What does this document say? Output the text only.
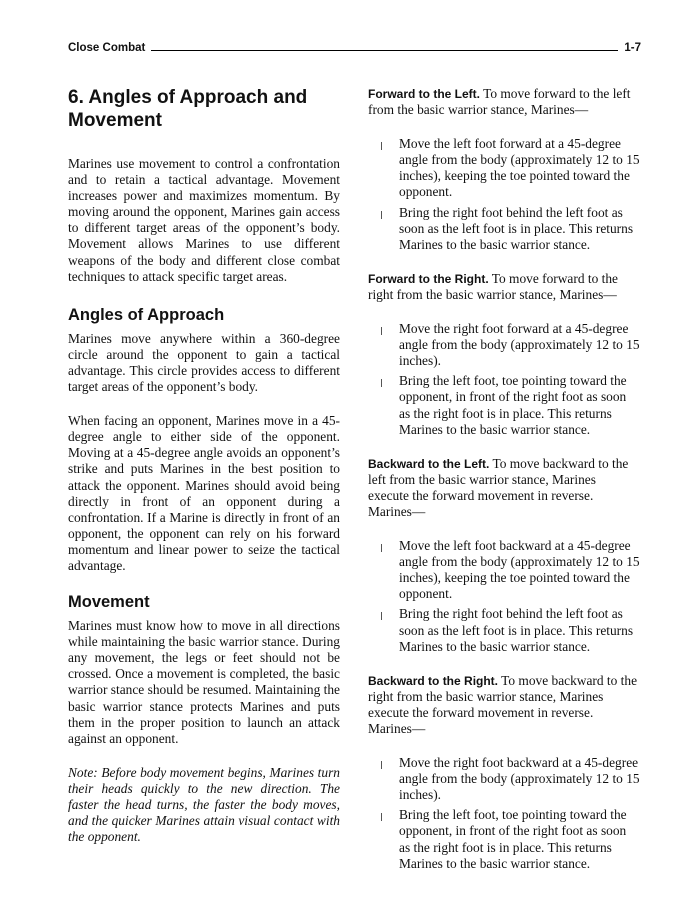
Close Combat	1-7
6. Angles of Approach and
Movement

Marines use movement to control a confrontation and to retain a tactical advantage. Movement increases power and maximizes momentum. By moving around the opponent, Marines gain access to different target areas of the opponent’s body. Movement allows Marines to use different weapons of the body and different close combat techniques to attack specific target areas.

Angles of Approach

Marines move anywhere within a 360-degree circle around the opponent to gain a tactical advantage. This circle provides access to different target areas of the opponent’s body.

When facing an opponent, Marines move in a 45-degree angle to either side of the opponent. Moving at a 45-degree angle avoids an opponent’s strike and puts Marines in the best position to attack the opponent. Marines should avoid being directly in front of an opponent during a confrontation. If a Marine is directly in front of an opponent, the opponent can rely on his forward momentum and linear power to seize the tactical advantage.

Movement

Marines must know how to move in all directions while maintaining the basic warrior stance. During any movement, the legs or feet should not be crossed. Once a movement is completed, the basic warrior stance should be resumed. Maintaining the basic warrior stance protects Marines and puts them in the proper position to launch an attack against an opponent.

Note: Before body movement begins, Marines turn their heads quickly to the new direction. The faster the head turns, the faster the body moves, and the quicker Marines attain visual contact with the opponent.

Forward to the Left. To move forward to the left from the basic warrior stance, Marines—

Move the left foot forward at a 45-degree angle from the body (approximately 12 to 15 inches), keeping the toe pointed toward the opponent.
Bring the right foot behind the left foot as soon as the left foot is in place. This returns Marines to the basic warrior stance.

Forward to the Right. To move forward to the right from the basic warrior stance, Marines—

Move the right foot forward at a 45-degree angle from the body (approximately 12 to 15 inches).
Bring the left foot, toe pointing toward the opponent, in front of the right foot as soon as the right foot is in place. This returns Marines to the basic warrior stance.

Backward to the Left. To move backward to the left from the basic warrior stance, Marines execute the forward movement in reverse. Marines—

Move the left foot backward at a 45-degree angle from the body (approximately 12 to 15 inches), keeping the toe pointed toward the opponent.
Bring the right foot behind the left foot as soon as the left foot is in place. This returns Marines to the basic warrior stance.

Backward to the Right. To move backward to the right from the basic warrior stance, Marines execute the forward movement in reverse. Marines—

Move the right foot backward at a 45-degree angle from the body (approximately 12 to 15 inches).
Bring the left foot, toe pointing toward the opponent, in front of the right foot as soon as the right foot is in place. This returns Marines to the basic warrior stance.
